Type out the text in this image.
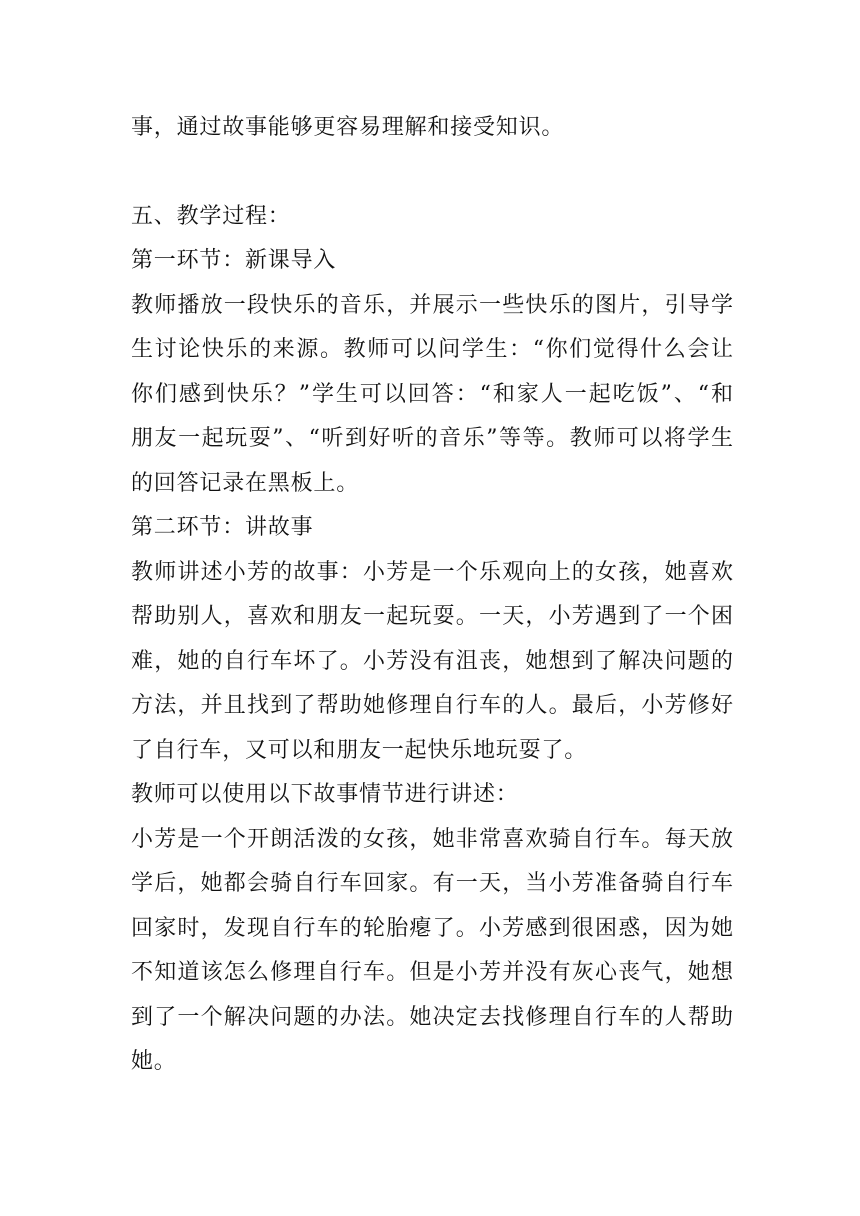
事，通过故事能够更容易理解和接受知识。
五、教学过程：
第一环节：新课导入
教师播放一段快乐的音乐，并展示一些快乐的图片，引导学
生讨论快乐的来源。教师可以问学生：“你们觉得什么会让
你们感到快乐？”学生可以回答：“和家人一起吃饭”、“和
朋友一起玩耍”、“听到好听的音乐”等等。教师可以将学生
的回答记录在黑板上。
第二环节：讲故事
教师讲述小芳的故事：小芳是一个乐观向上的女孩，她喜欢
帮助别人，喜欢和朋友一起玩耍。一天，小芳遇到了一个困
难，她的自行车坏了。小芳没有沮丧，她想到了解决问题的
方法，并且找到了帮助她修理自行车的人。最后，小芳修好
了自行车，又可以和朋友一起快乐地玩耍了。
教师可以使用以下故事情节进行讲述：
小芳是一个开朗活泼的女孩，她非常喜欢骑自行车。每天放
学后，她都会骑自行车回家。有一天，当小芳准备骑自行车
回家时，发现自行车的轮胎瘪了。小芳感到很困惑，因为她
不知道该怎么修理自行车。但是小芳并没有灰心丧气，她想
到了一个解决问题的办法。她决定去找修理自行车的人帮助
她。
